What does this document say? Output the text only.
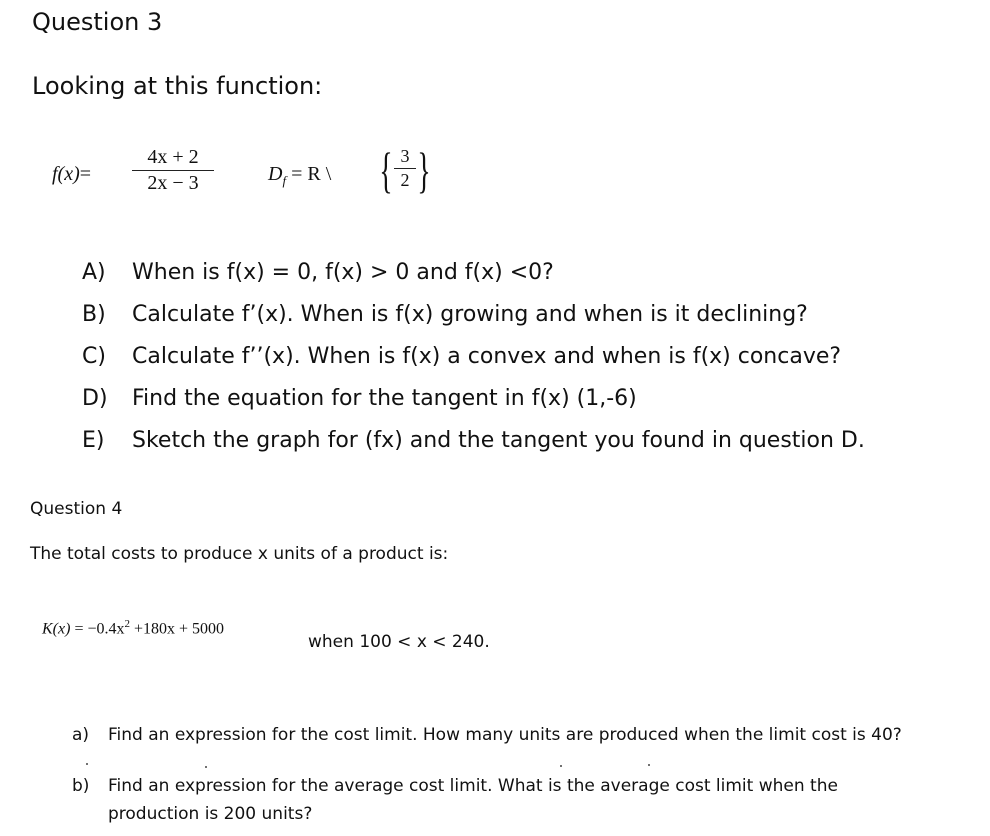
Question 3
Looking at this function:
f(x)=
4x + 2
2x − 3	$D_f = R$ \ { 3
2 }
A)	When is f(x) = 0, f(x) > 0 and f(x) <0?
B)	Calculate f’(x). When is f(x) growing and when is it declining?
C)	Calculate f’’(x). When is f(x) a convex and when is f(x) concave?
D)	Find the equation for the tangent in f(x) (1,-6)
E)	Sketch the graph for (fx) and the tangent you found in question D.
Question 4
The total costs to produce x units of a product is:
$K(x) = -0.4x^2 +180x + 5000$
when 100 < x < 240.
a)	Find an expression for the cost limit. How many units are produced when the limit cost is 40?
b)	Find an expression for the average cost limit. What is the average cost limit when the
production is 200 units?
